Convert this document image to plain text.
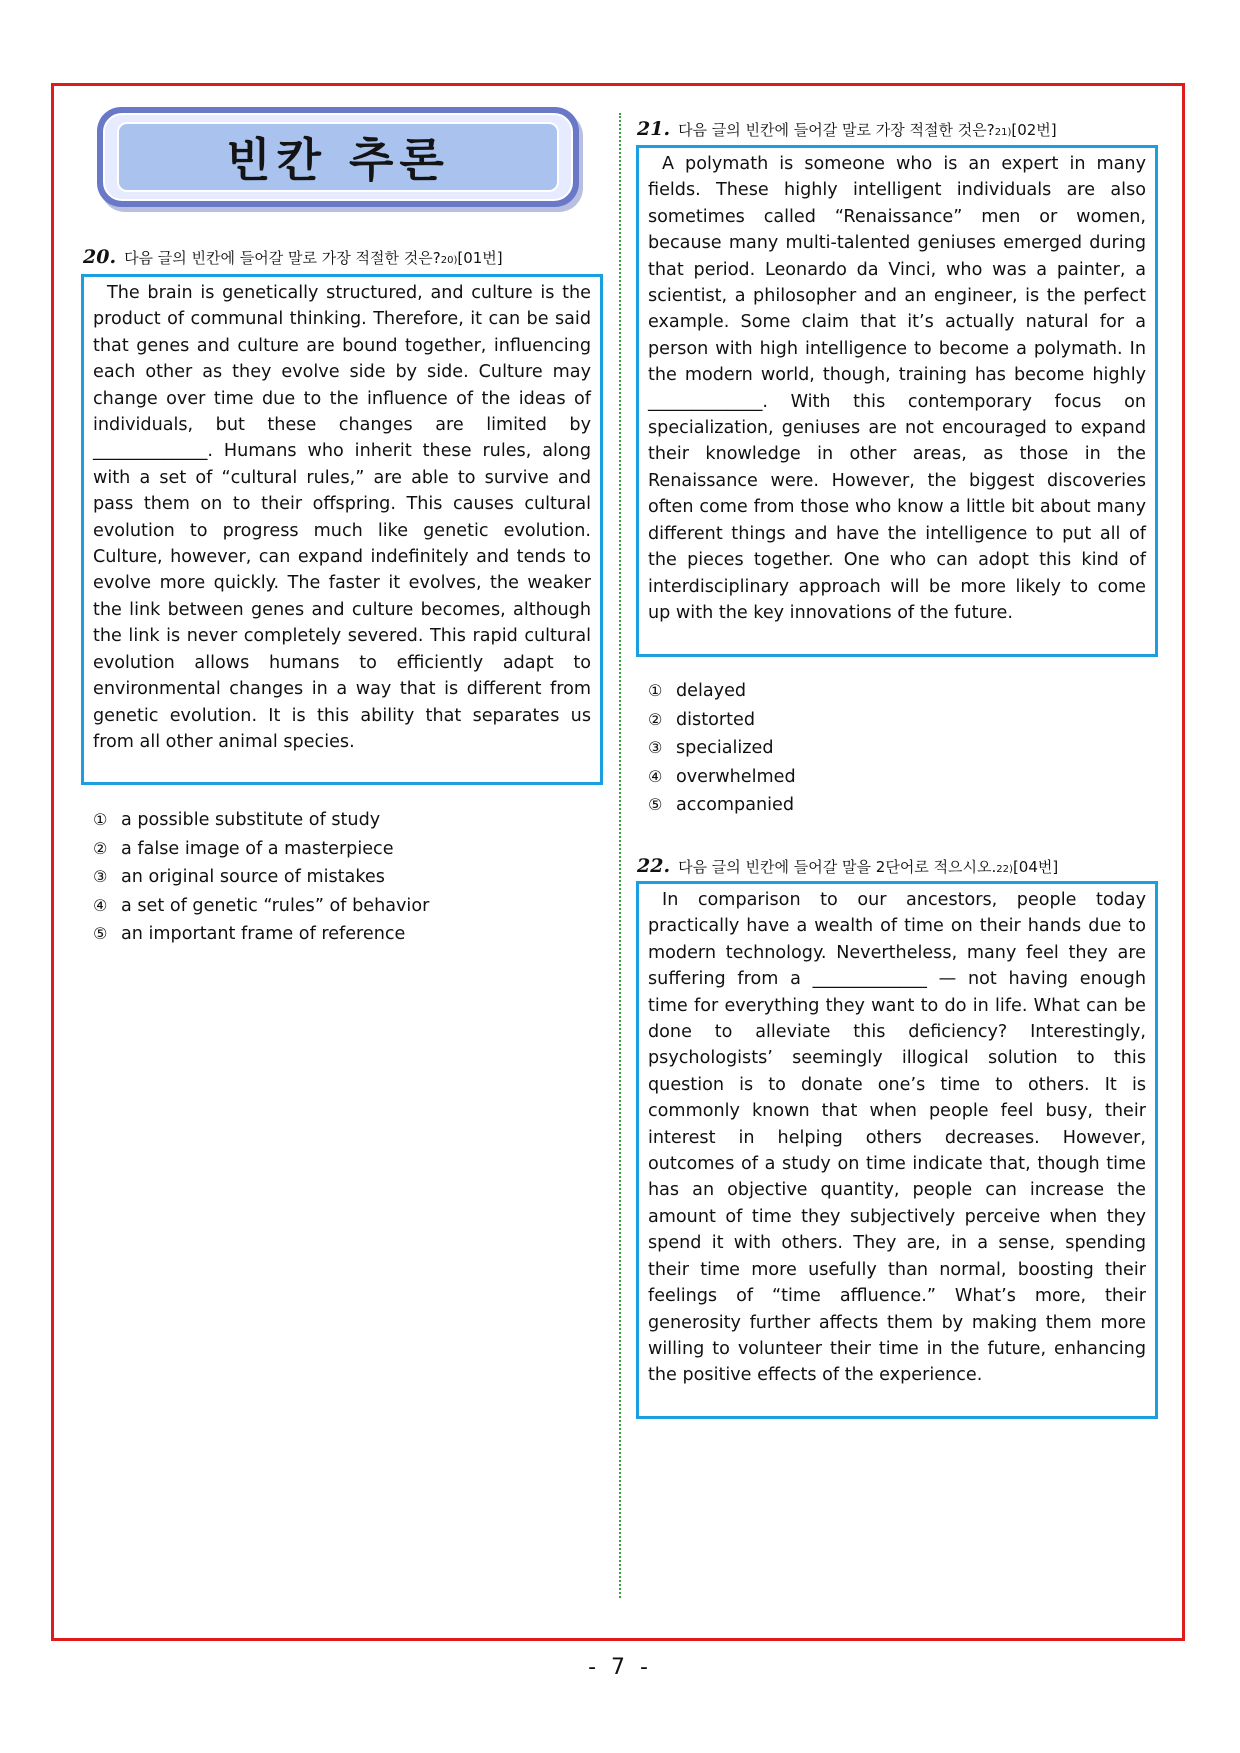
빈칸 추론
20. 다음 글의 빈칸에 들어갈 말로 가장 적절한 것은? 20) [01번]

The brain is genetically structured, and culture is the product of communal thinking. Therefore, it can be said that genes and culture are bound together, influencing each other as they evolve side by side. Culture may change over time due to the influence of the ideas of individuals, but these changes are limited by _____________. Humans who inherit these rules, along with a set of “cultural rules,” are able to survive and pass them on to their offspring. This causes cultural evolution to progress much like genetic evolution. Culture, however, can expand indefinitely and tends to evolve more quickly. The faster it evolves, the weaker the link between genes and culture becomes, although the link is never completely severed. This rapid cultural evolution allows humans to efficiently adapt to environmental changes in a way that is different from genetic evolution. It is this ability that separates us from all other animal species.

① a possible substitute of study
② a false image of a masterpiece
③ an original source of mistakes
④ a set of genetic “rules” of behavior
⑤ an important frame of reference
21. 다음 글의 빈칸에 들어갈 말로 가장 적절한 것은? 21) [02번]

A polymath is someone who is an expert in many fields. These highly intelligent individuals are also sometimes called “Renaissance” men or women, because many multi-talented geniuses emerged during that period. Leonardo da Vinci, who was a painter, a scientist, a philosopher and an engineer, is the perfect example. Some claim that it’s actually natural for a person with high intelligence to become a polymath. In the modern world, though, training has become highly _____________. With this contemporary focus on specialization, geniuses are not encouraged to expand their knowledge in other areas, as those in the Renaissance were. However, the biggest discoveries often come from those who know a little bit about many different things and have the intelligence to put all of the pieces together. One who can adopt this kind of interdisciplinary approach will be more likely to come up with the key innovations of the future.

① delayed
② distorted
③ specialized
④ overwhelmed
⑤ accompanied
22. 다음 글의 빈칸에 들어갈 말을 2단어로 적으시오. 22) [04번]

In comparison to our ancestors, people today practically have a wealth of time on their hands due to modern technology. Nevertheless, many feel they are suffering from a _____________ — not having enough time for everything they want to do in life. What can be done to alleviate this deficiency? Interestingly, psychologists’ seemingly illogical solution to this question is to donate one’s time to others. It is commonly known that when people feel busy, their interest in helping others decreases. However, outcomes of a study on time indicate that, though time has an objective quantity, people can increase the amount of time they subjectively perceive when they spend it with others. They are, in a sense, spending their time more usefully than normal, boosting their feelings of “time affluence.” What’s more, their generosity further affects them by making them more willing to volunteer their time in the future, enhancing the positive effects of the experience.

- 7 -
